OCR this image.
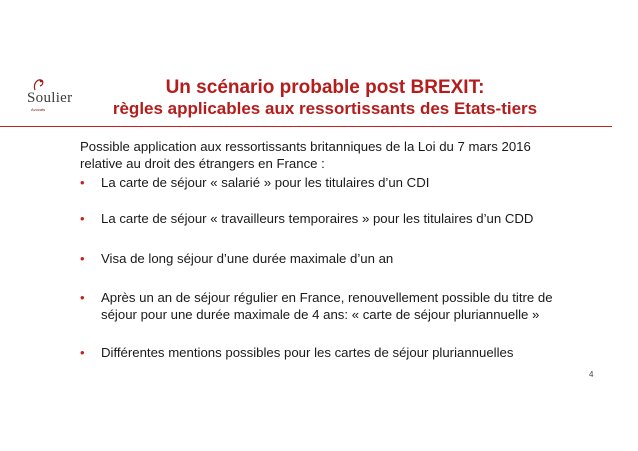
Soulier
Avocats
Un scénario probable post BREXIT:
règles applicables aux ressortissants des Etats-tiers
Possible application aux ressortissants britanniques de la Loi du 7 mars 2016 relative au droit des étrangers en France :
• La carte de séjour « salarié » pour les titulaires d’un CDI
• La carte de séjour « travailleurs temporaires » pour les titulaires d’un CDD
• Visa de long séjour d’une durée maximale d’un an
• Après un an de séjour régulier en France, renouvellement possible du titre de séjour pour une durée maximale de 4 ans: « carte de séjour pluriannuelle »
• Différentes mentions possibles pour les cartes de séjour pluriannuelles
4
